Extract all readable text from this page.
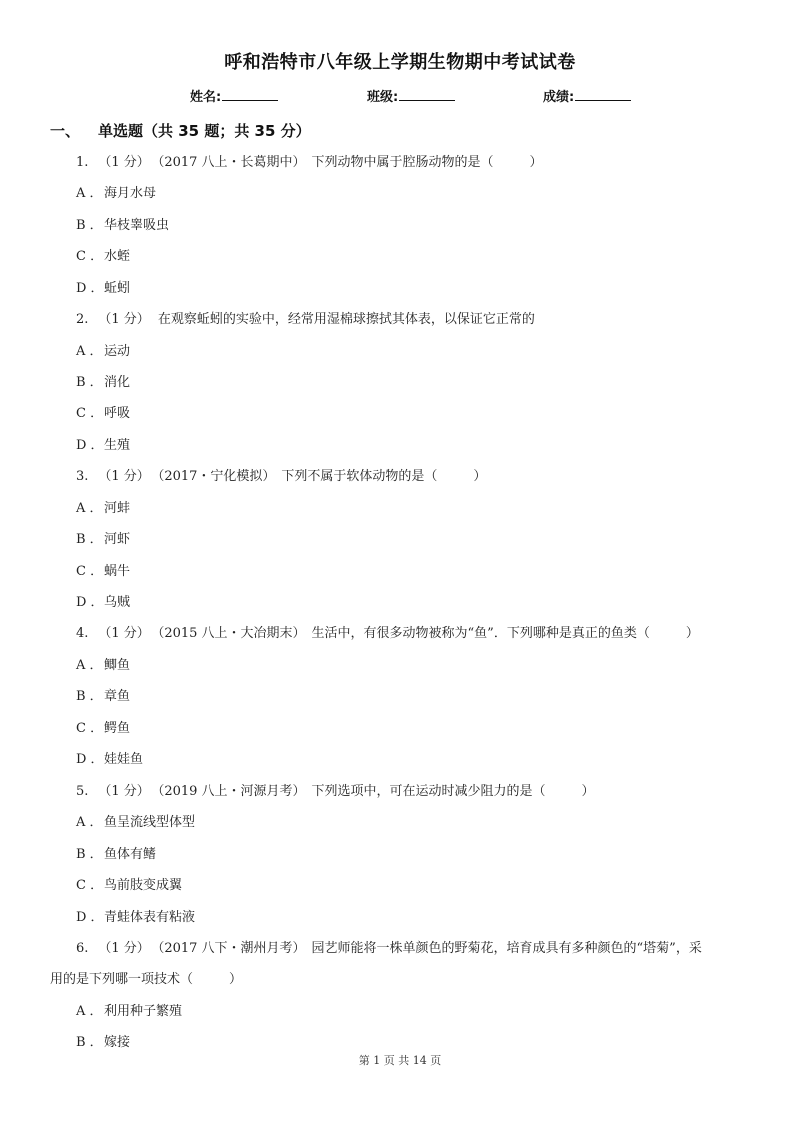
呼和浩特市八年级上学期生物期中考试试卷
姓名:	班级:	成绩:
一、 单选题（共 35 题；共 35 分）
1. （1 分） （2017 八上・长葛期中） 下列动物中属于腔肠动物的是（	）
A ．海月水母
B ．华枝睾吸虫
C ．水蛭
D ．蚯蚓
2. （1 分） 在观察蚯蚓的实验中，经常用湿棉球擦拭其体表，以保证它正常的
A ．运动
B ．消化
C ．呼吸
D ．生殖
3. （1 分） （2017・宁化模拟） 下列不属于软体动物的是（	）
A ．河蚌
B ．河虾
C ．蜗牛
D ．乌贼
4. （1 分） （2015 八上・大冶期末） 生活中，有很多动物被称为“鱼”．下列哪种是真正的鱼类（	）
A ．鲫鱼
B ．章鱼
C ．鳄鱼
D ．娃娃鱼
5. （1 分） （2019 八上・河源月考） 下列选项中，可在运动时减少阻力的是（	）
A ．鱼呈流线型体型
B ．鱼体有鳍
C ．鸟前肢变成翼
D ．青蛙体表有粘液
6. （1 分） （2017 八下・潮州月考） 园艺师能将一株单颜色的野菊花，培育成具有多种颜色的“塔菊”，采
用的是下列哪一项技术（	）
A ．利用种子繁殖
B ．嫁接
第 1 页 共 14 页
